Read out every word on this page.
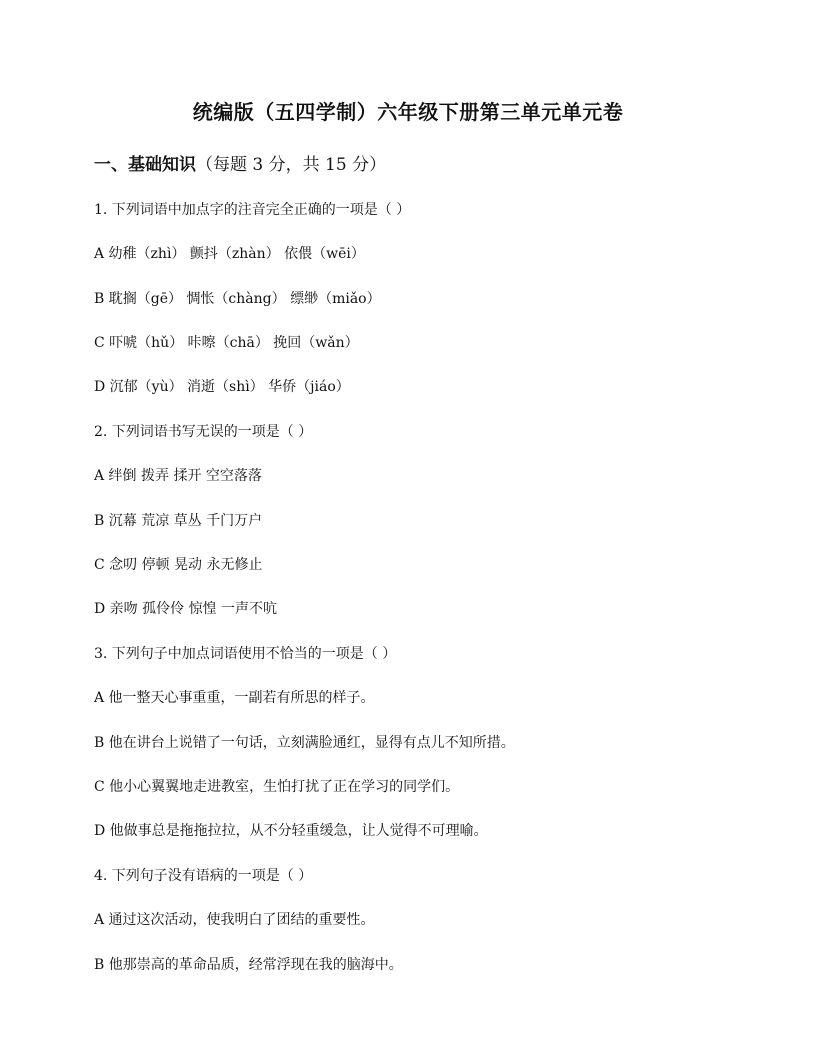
统编版（五四学制）六年级下册第三单元单元卷
一、基础知识（每题 3 分，共 15 分）
1. 下列词语中加点字的注音完全正确的一项是（ ）
A 幼稚（zhì） 颤抖（zhàn） 依偎（wēi）
B 耽搁（gē） 惆怅（chàng） 缥缈（miǎo）
C 吓唬（hǔ） 咔嚓（chā） 挽回（wǎn）
D 沉郁（yù） 消逝（shì） 华侨（jiáo）
2. 下列词语书写无误的一项是（ ）
A 绊倒 拨弄 揉开 空空落落
B 沉幕 荒凉 草丛 千门万户
C 念叨 停顿 晃动 永无修止
D 亲吻 孤伶伶 惊惶 一声不吭
3. 下列句子中加点词语使用不恰当的一项是（ ）
A 他一整天心事重重，一副若有所思的样子。
B 他在讲台上说错了一句话，立刻满脸通红，显得有点儿不知所措。
C 他小心翼翼地走进教室，生怕打扰了正在学习的同学们。
D 他做事总是拖拖拉拉，从不分轻重缓急，让人觉得不可理喻。
4. 下列句子没有语病的一项是（ ）
A 通过这次活动，使我明白了团结的重要性。
B 他那崇高的革命品质，经常浮现在我的脑海中。
